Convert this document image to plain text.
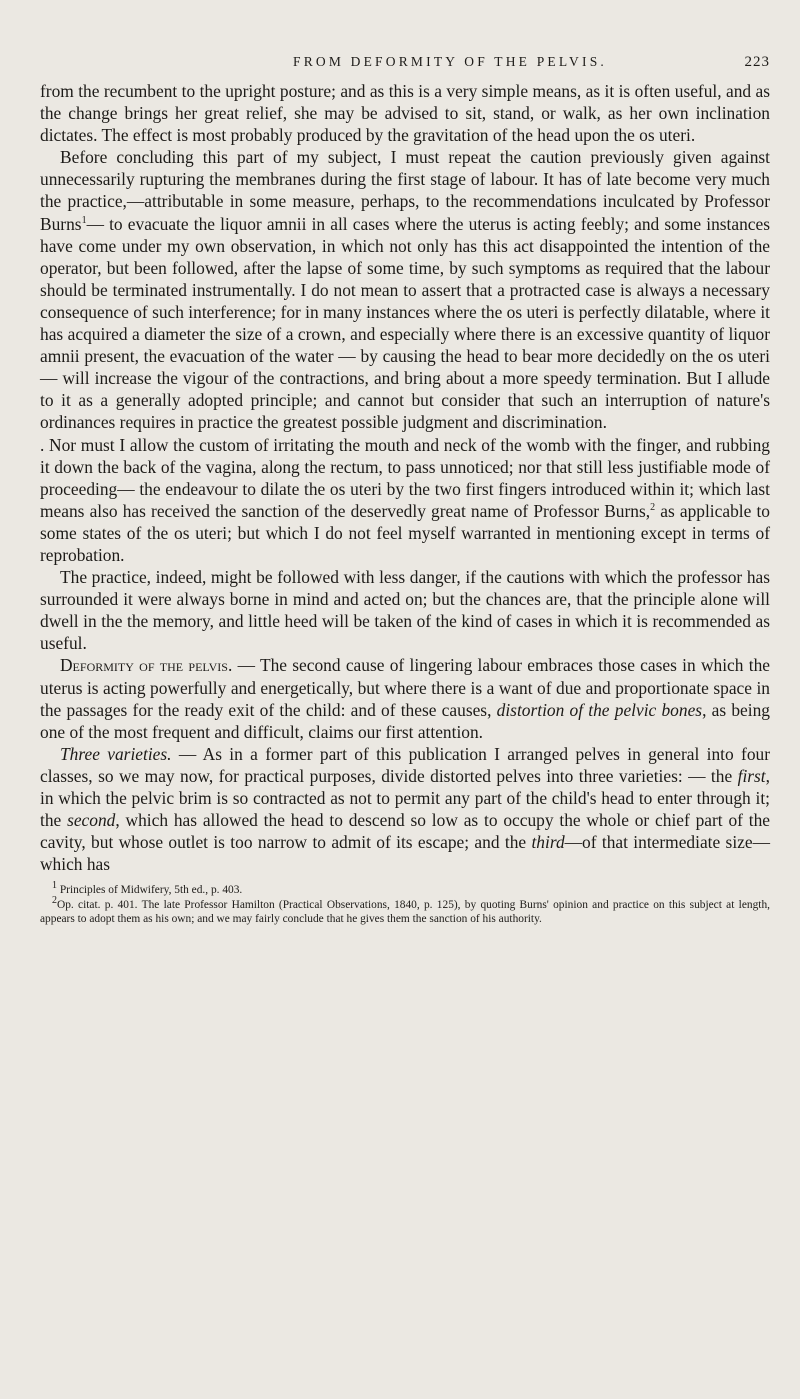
FROM DEFORMITY OF THE PELVIS.	223

from the recumbent to the upright posture; and as this is a very simple means, as it is often useful, and as the change brings her great relief, she may be advised to sit, stand, or walk, as her own inclination dictates. The effect is most probably produced by the gravitation of the head upon the os uteri.

Before concluding this part of my subject, I must repeat the caution previously given against unnecessarily rupturing the membranes during the first stage of labour. It has of late become very much the practice,—attributable in some measure, perhaps, to the recommendations inculcated by Professor Burns$^1$— to evacuate the liquor amnii in all cases where the uterus is acting feebly; and some instances have come under my own observation, in which not only has this act disappointed the intention of the operator, but been followed, after the lapse of some time, by such symptoms as required that the labour should be terminated instrumentally. I do not mean to assert that a protracted case is always a necessary consequence of such interference; for in many instances where the os uteri is perfectly dilatable, where it has acquired a diameter the size of a crown, and especially where there is an excessive quantity of liquor amnii present, the evacuation of the water — by causing the head to bear more decidedly on the os uteri — will increase the vigour of the contractions, and bring about a more speedy termination. But I allude to it as a generally adopted principle; and cannot but consider that such an interruption of nature's ordinances requires in practice the greatest possible judgment and discrimination.

. Nor must I allow the custom of irritating the mouth and neck of the womb with the finger, and rubbing it down the back of the vagina, along the rectum, to pass unnoticed; nor that still less justifiable mode of proceeding— the endeavour to dilate the os uteri by the two first fingers introduced within it; which last means also has received the sanction of the deservedly great name of Professor Burns,$^2$ as applicable to some states of the os uteri; but which I do not feel myself warranted in mentioning except in terms of reprobation.

The practice, indeed, might be followed with less danger, if the cautions with which the professor has surrounded it were always borne in mind and acted on; but the chances are, that the principle alone will dwell in the the memory, and little heed will be taken of the kind of cases in which it is recommended as useful.

Deformity of the pelvis. — The second cause of lingering labour embraces those cases in which the uterus is acting powerfully and energetically, but where there is a want of due and proportionate space in the passages for the ready exit of the child: and of these causes, distortion of the pelvic bones, as being one of the most frequent and difficult, claims our first attention.

Three varieties. — As in a former part of this publication I arranged pelves in general into four classes, so we may now, for practical purposes, divide distorted pelves into three varieties: — the first, in which the pelvic brim is so contracted as not to permit any part of the child's head to enter through it; the second, which has allowed the head to descend so low as to occupy the whole or chief part of the cavity, but whose outlet is too narrow to admit of its escape; and the third—of that intermediate size—which has

$^1$ Principles of Midwifery, 5th ed., p. 403.

$^2$Op. citat. p. 401. The late Professor Hamilton (Practical Observations, 1840, p. 125), by quoting Burns' opinion and practice on this subject at length, appears to adopt them as his own; and we may fairly conclude that he gives them the sanction of his authority.
